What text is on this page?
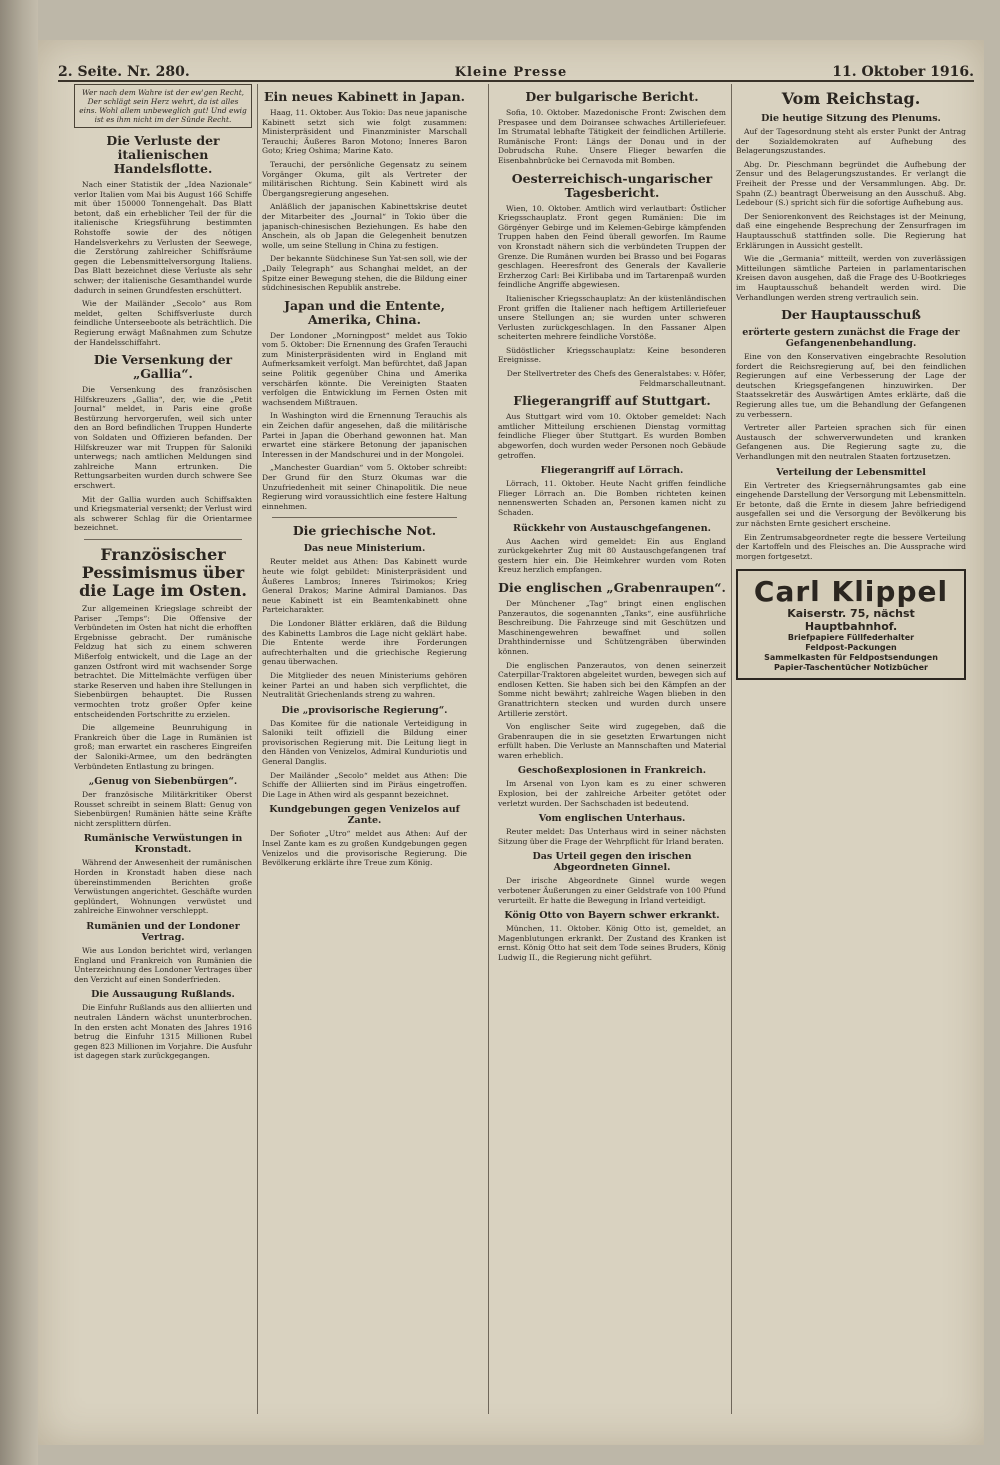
2. Seite. Nr. 280.	Kleine Presse	11. Oktober 1916.
Wer nach dem Wahre ist der ew'gen Recht, Der schlägt sein Herz wehrt, da ist alles eins. Wohl allem unbeweglich gut! Und ewig ist es ihm nicht im der Sünde Recht.
Die Verluste der italienischen Handelsflotte.

Nach einer Statistik der „Idea Nazionale“ verlor Italien vom Mai bis August 166 Schiffe mit über 150000 Tonnengehalt. Das Blatt betont, daß ein erheblicher Teil der für die italienische Kriegsführung bestimmten Rohstoffe sowie der des nötigen Handelsverkehrs zu Verlusten der Seewege, die Zerstörung zahlreicher Schiffsräume gegen die Lebensmittelversorgung Italiens. Das Blatt bezeichnet diese Verluste als sehr schwer; der italienische Gesamthandel wurde dadurch in seinen Grundfesten erschüttert.

Wie der Mailänder „Secolo“ aus Rom meldet, gelten Schiffsverluste durch feindliche Unterseeboote als beträchtlich. Die Regierung erwägt Maßnahmen zum Schutze der Handelsschiffahrt.

Die Versenkung der „Gallia“.

Die Versenkung des französischen Hilfskreuzers „Gallia“, der, wie die „Petit Journal“ meldet, in Paris eine große Bestürzung hervorgerufen, weil sich unter den an Bord befindlichen Truppen Hunderte von Soldaten und Offizieren befanden. Der Hilfskreuzer war mit Truppen für Saloniki unterwegs; nach amtlichen Meldungen sind zahlreiche Mann ertrunken. Die Rettungsarbeiten wurden durch schwere See erschwert.

Mit der Gallia wurden auch Schiffsakten und Kriegsmaterial versenkt; der Verlust wird als schwerer Schlag für die Orientarmee bezeichnet.

Französischer Pessimismus über die Lage im Osten.

Zur allgemeinen Kriegslage schreibt der Pariser „Temps“: Die Offensive der Verbündeten im Osten hat nicht die erhofften Ergebnisse gebracht. Der rumänische Feldzug hat sich zu einem schweren Mißerfolg entwickelt, und die Lage an der ganzen Ostfront wird mit wachsender Sorge betrachtet. Die Mittelmächte verfügen über starke Reserven und haben ihre Stellungen in Siebenbürgen behauptet. Die Russen vermochten trotz großer Opfer keine entscheidenden Fortschritte zu erzielen.

Die allgemeine Beunruhigung in Frankreich über die Lage in Rumänien ist groß; man erwartet ein rascheres Eingreifen der Saloniki-Armee, um den bedrängten Verbündeten Entlastung zu bringen.

„Genug von Siebenbürgen“.

Der französische Militärkritiker Oberst Rousset schreibt in seinem Blatt: Genug von Siebenbürgen! Rumänien hätte seine Kräfte nicht zersplittern dürfen.

Rumänische Verwüstungen in Kronstadt.

Während der Anwesenheit der rumänischen Horden in Kronstadt haben diese nach übereinstimmenden Berichten große Verwüstungen angerichtet. Geschäfte wurden geplündert, Wohnungen verwüstet und zahlreiche Einwohner verschleppt.

Rumänien und der Londoner Vertrag.

Wie aus London berichtet wird, verlangen England und Frankreich von Rumänien die Unterzeichnung des Londoner Vertrages über den Verzicht auf einen Sonderfrieden.

Die Aussaugung Rußlands.

Die Einfuhr Rußlands aus den alliierten und neutralen Ländern wächst ununterbrochen. In den ersten acht Monaten des Jahres 1916 betrug die Einfuhr 1315 Millionen Rubel gegen 823 Millionen im Vorjahre. Die Ausfuhr ist dagegen stark zurückgegangen.

Ein neues Kabinett in Japan.

Haag, 11. Oktober. Aus Tokio: Das neue japanische Kabinett setzt sich wie folgt zusammen: Ministerpräsident und Finanzminister Marschall Terauchi; Äußeres Baron Motono; Inneres Baron Goto; Krieg Oshima; Marine Kato.

Terauchi, der persönliche Gegensatz zu seinem Vorgänger Okuma, gilt als Vertreter der militärischen Richtung. Sein Kabinett wird als Übergangsregierung angesehen.

Anläßlich der japanischen Kabinettskrise deutet der Mitarbeiter des „Journal“ in Tokio über die japanisch-chinesischen Beziehungen. Es habe den Anschein, als ob Japan die Gelegenheit benutzen wolle, um seine Stellung in China zu festigen.

Der bekannte Südchinese Sun Yat-sen soll, wie der „Daily Telegraph“ aus Schanghai meldet, an der Spitze einer Bewegung stehen, die die Bildung einer südchinesischen Republik anstrebe.

Japan und die Entente, Amerika, China.

Der Londoner „Morningpost“ meldet aus Tokio vom 5. Oktober: Die Ernennung des Grafen Terauchi zum Ministerpräsidenten wird in England mit Aufmerksamkeit verfolgt. Man befürchtet, daß Japan seine Politik gegenüber China und Amerika verschärfen könnte. Die Vereinigten Staaten verfolgen die Entwicklung im Fernen Osten mit wachsendem Mißtrauen.

In Washington wird die Ernennung Terauchis als ein Zeichen dafür angesehen, daß die militärische Partei in Japan die Oberhand gewonnen hat. Man erwartet eine stärkere Betonung der japanischen Interessen in der Mandschurei und in der Mongolei.

„Manchester Guardian“ vom 5. Oktober schreibt: Der Grund für den Sturz Okumas war die Unzufriedenheit mit seiner Chinapolitik. Die neue Regierung wird voraussichtlich eine festere Haltung einnehmen.

Die griechische Not.
Das neue Ministerium.

Reuter meldet aus Athen: Das Kabinett wurde heute wie folgt gebildet: Ministerpräsident und Äußeres Lambros; Inneres Tsirimokos; Krieg General Drakos; Marine Admiral Damianos. Das neue Kabinett ist ein Beamtenkabinett ohne Parteicharakter.

Die Londoner Blätter erklären, daß die Bildung des Kabinetts Lambros die Lage nicht geklärt habe. Die Entente werde ihre Forderungen aufrechterhalten und die griechische Regierung genau überwachen.

Die Mitglieder des neuen Ministeriums gehören keiner Partei an und haben sich verpflichtet, die Neutralität Griechenlands streng zu wahren.

Die „provisorische Regierung“.

Das Komitee für die nationale Verteidigung in Saloniki teilt offiziell die Bildung einer provisorischen Regierung mit. Die Leitung liegt in den Händen von Venizelos, Admiral Kunduriotis und General Danglis.

Der Mailänder „Secolo“ meldet aus Athen: Die Schiffe der Alliierten sind im Piräus eingetroffen. Die Lage in Athen wird als gespannt bezeichnet.

Kundgebungen gegen Venizelos auf Zante.

Der Sofioter „Utro“ meldet aus Athen: Auf der Insel Zante kam es zu großen Kundgebungen gegen Venizelos und die provisorische Regierung. Die Bevölkerung erklärte ihre Treue zum König.

Der bulgarische Bericht.

Sofia, 10. Oktober. Mazedonische Front: Zwischen dem Prespasee und dem Doiransee schwaches Artilleriefeuer. Im Strumatal lebhafte Tätigkeit der feindlichen Artillerie. Rumänische Front: Längs der Donau und in der Dobrudscha Ruhe. Unsere Flieger bewarfen die Eisenbahnbrücke bei Cernavoda mit Bomben.

Oesterreichisch-ungarischer Tagesbericht.

Wien, 10. Oktober. Amtlich wird verlautbart: Östlicher Kriegsschauplatz. Front gegen Rumänien: Die im Görgényer Gebirge und im Kelemen-Gebirge kämpfenden Truppen haben den Feind überall geworfen. Im Raume von Kronstadt nähern sich die verbündeten Truppen der Grenze. Die Rumänen wurden bei Brasso und bei Fogaras geschlagen. Heeresfront des Generals der Kavallerie Erzherzog Carl: Bei Kirlibaba und im Tartarenpaß wurden feindliche Angriffe abgewiesen.

Italienischer Kriegsschauplatz: An der küstenländischen Front griffen die Italiener nach heftigem Artilleriefeuer unsere Stellungen an; sie wurden unter schweren Verlusten zurückgeschlagen. In den Fassaner Alpen scheiterten mehrere feindliche Vorstöße.

Südöstlicher Kriegsschauplatz: Keine besonderen Ereignisse.

Der Stellvertreter des Chefs des Generalstabes: v. Höfer, Feldmarschalleutnant.

Fliegerangriff auf Stuttgart.

Aus Stuttgart wird vom 10. Oktober gemeldet: Nach amtlicher Mitteilung erschienen Dienstag vormittag feindliche Flieger über Stuttgart. Es wurden Bomben abgeworfen, doch wurden weder Personen noch Gebäude getroffen.

Fliegerangriff auf Lörrach.

Lörrach, 11. Oktober. Heute Nacht griffen feindliche Flieger Lörrach an. Die Bomben richteten keinen nennenswerten Schaden an, Personen kamen nicht zu Schaden.

Rückkehr von Austauschgefangenen.

Aus Aachen wird gemeldet: Ein aus England zurückgekehrter Zug mit 80 Austauschgefangenen traf gestern hier ein. Die Heimkehrer wurden vom Roten Kreuz herzlich empfangen.

Die englischen „Grabenraupen“.

Der Münchener „Tag“ bringt einen englischen Panzerautos, die sogenannten „Tanks“, eine ausführliche Beschreibung. Die Fahrzeuge sind mit Geschützen und Maschinengewehren bewaffnet und sollen Drahthindernisse und Schützengräben überwinden können.

Die englischen Panzerautos, von denen seinerzeit Caterpillar-Traktoren abgeleitet wurden, bewegen sich auf endlosen Ketten. Sie haben sich bei den Kämpfen an der Somme nicht bewährt; zahlreiche Wagen blieben in den Granattrichtern stecken und wurden durch unsere Artillerie zerstört.

Von englischer Seite wird zugegeben, daß die Grabenraupen die in sie gesetzten Erwartungen nicht erfüllt haben. Die Verluste an Mannschaften und Material waren erheblich.

Geschoßexplosionen in Frankreich.

Im Arsenal von Lyon kam es zu einer schweren Explosion, bei der zahlreiche Arbeiter getötet oder verletzt wurden. Der Sachschaden ist bedeutend.

Vom englischen Unterhaus.

Reuter meldet: Das Unterhaus wird in seiner nächsten Sitzung über die Frage der Wehrpflicht für Irland beraten.

Das Urteil gegen den irischen Abgeordneten Ginnel.

Der irische Abgeordnete Ginnel wurde wegen verbotener Äußerungen zu einer Geldstrafe von 100 Pfund verurteilt. Er hatte die Bewegung in Irland verteidigt.

König Otto von Bayern schwer erkrankt.

München, 11. Oktober. König Otto ist, gemeldet, an Magenblutungen erkrankt. Der Zustand des Kranken ist ernst. König Otto hat seit dem Tode seines Bruders, König Ludwig II., die Regierung nicht geführt.

Vom Reichstag.
Die heutige Sitzung des Plenums.

Auf der Tagesordnung steht als erster Punkt der Antrag der Sozialdemokraten auf Aufhebung des Belagerungszustandes.

Abg. Dr. Pieschmann begründet die Aufhebung der Zensur und des Belagerungszustandes. Er verlangt die Freiheit der Presse und der Versammlungen. Abg. Dr. Spahn (Z.) beantragt Überweisung an den Ausschuß. Abg. Ledebour (S.) spricht sich für die sofortige Aufhebung aus.

Der Seniorenkonvent des Reichstages ist der Meinung, daß eine eingehende Besprechung der Zensurfragen im Hauptausschuß stattfinden solle. Die Regierung hat Erklärungen in Aussicht gestellt.

Wie die „Germania“ mitteilt, werden von zuverlässigen Mitteilungen sämtliche Parteien in parlamentarischen Kreisen davon ausgehen, daß die Frage des U-Bootkrieges im Hauptausschuß behandelt werden wird. Die Verhandlungen werden streng vertraulich sein.

Der Hauptausschuß
erörterte gestern zunächst die Frage der Gefangenenbehandlung.

Eine von den Konservativen eingebrachte Resolution fordert die Reichsregierung auf, bei den feindlichen Regierungen auf eine Verbesserung der Lage der deutschen Kriegsgefangenen hinzuwirken. Der Staatssekretär des Auswärtigen Amtes erklärte, daß die Regierung alles tue, um die Behandlung der Gefangenen zu verbessern.

Vertreter aller Parteien sprachen sich für einen Austausch der schwerverwundeten und kranken Gefangenen aus. Die Regierung sagte zu, die Verhandlungen mit den neutralen Staaten fortzusetzen.

Verteilung der Lebensmittel

Ein Vertreter des Kriegsernährungsamtes gab eine eingehende Darstellung der Versorgung mit Lebensmitteln. Er betonte, daß die Ernte in diesem Jahre befriedigend ausgefallen sei und die Versorgung der Bevölkerung bis zur nächsten Ernte gesichert erscheine.

Ein Zentrumsabgeordneter regte die bessere Verteilung der Kartoffeln und des Fleisches an. Die Aussprache wird morgen fortgesetzt.

Carl Klippel
Kaiserstr. 75, nächst Hauptbahnhof.
Briefpapiere Füllfederhalter
Feldpost-Packungen
Sammelkasten für Feldpostsendungen
Papier-Taschentücher Notizbücher
